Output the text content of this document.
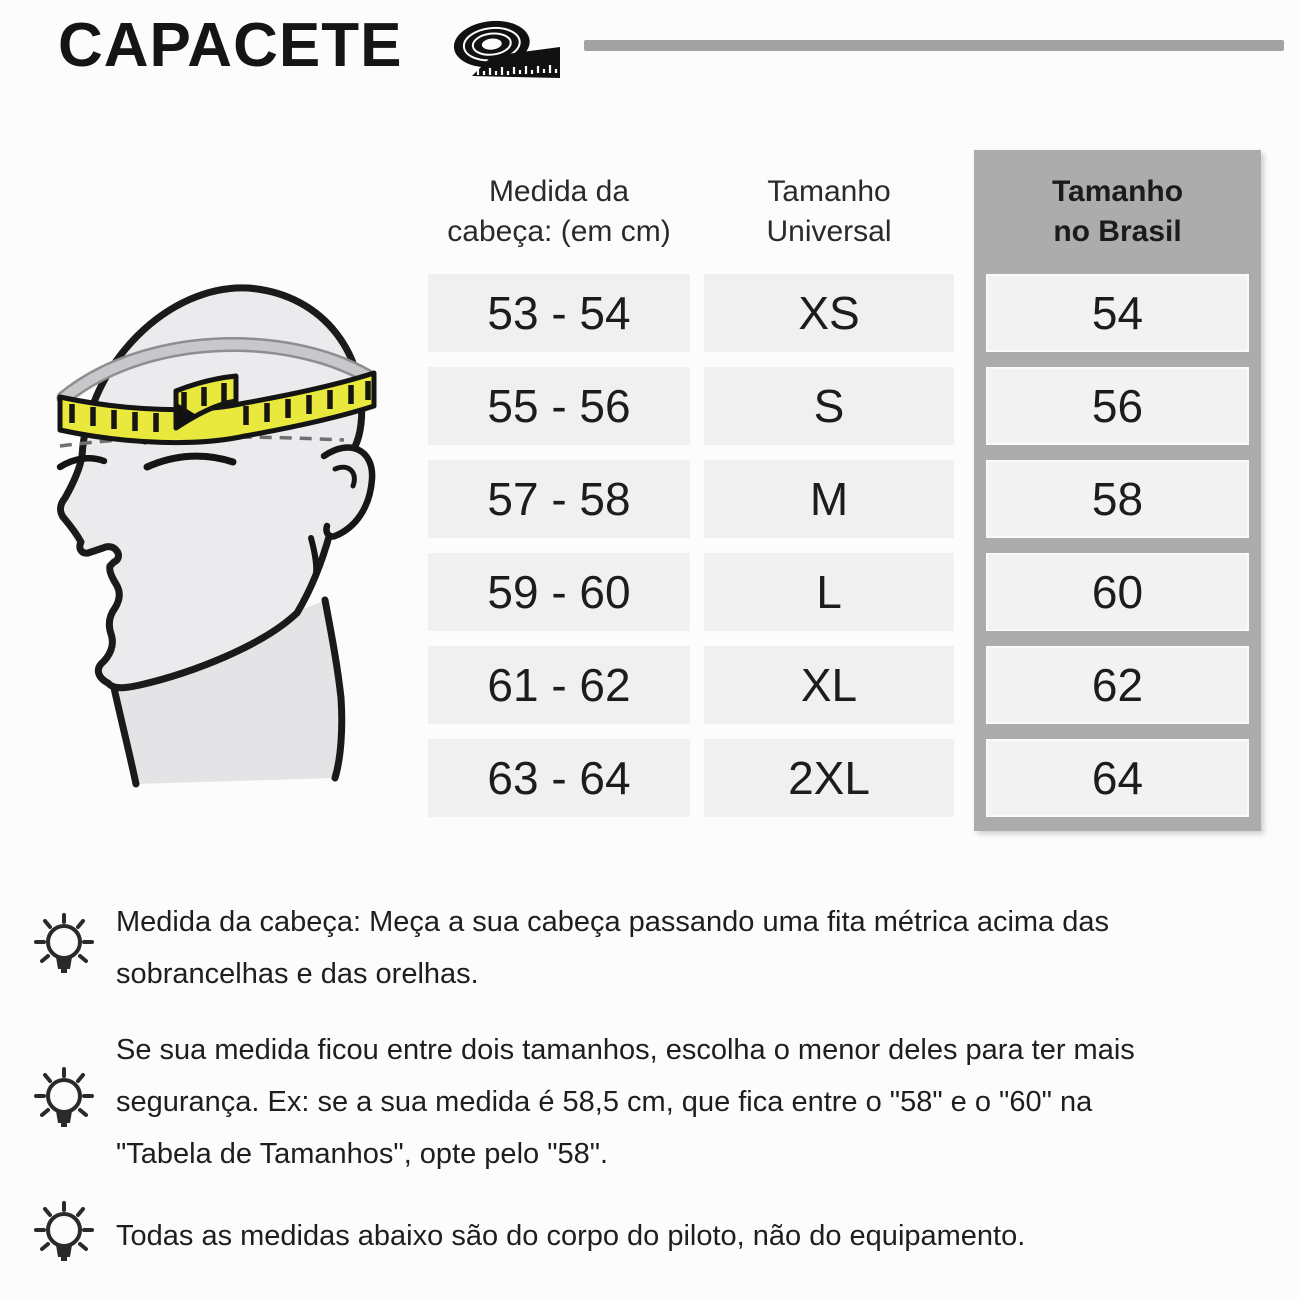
CAPACETE
Medida da
cabeça: (em cm)
53 - 54
55 - 56
57 - 58
59 - 60
61 - 62
63 - 64
Tamanho
Universal
XS
S
M
L
XL
2XL
Tamanho
no Brasil
54
56
58
60
62
64
Medida da cabeça: Meça a sua cabeça passando uma fita métrica acima das
sobrancelhas e das orelhas.
Se sua medida ficou entre dois tamanhos, escolha o menor deles para ter mais
segurança. Ex: se a sua medida é 58,5 cm, que fica entre o "58" e o "60" na
"Tabela de Tamanhos", opte pelo "58".
Todas as medidas abaixo são do corpo do piloto, não do equipamento.
